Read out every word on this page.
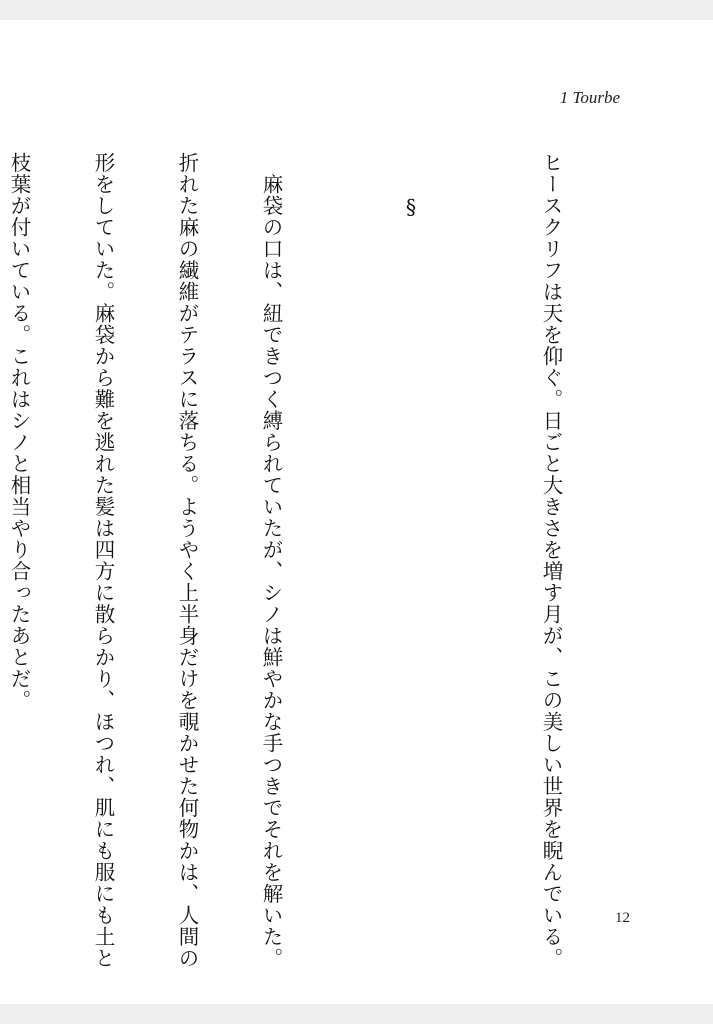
1 Tourbe

ヒースクリフは天を仰ぐ。日ごと大きさを増す月が、この美しい世界を睨んでいる。

　　§

　麻袋の口は、紐できつく縛られていたが、シノは鮮やかな手つきでそれを解いた。

折れた麻の繊維がテラスに落ちる。ようやく上半身だけを覗かせた何物かは、人間の

形をしていた。麻袋から難を逃れた髪は四方に散らかり、ほつれ、肌にも服にも土と

枝葉が付いている。これはシノと相当やり合ったあとだ。

12
